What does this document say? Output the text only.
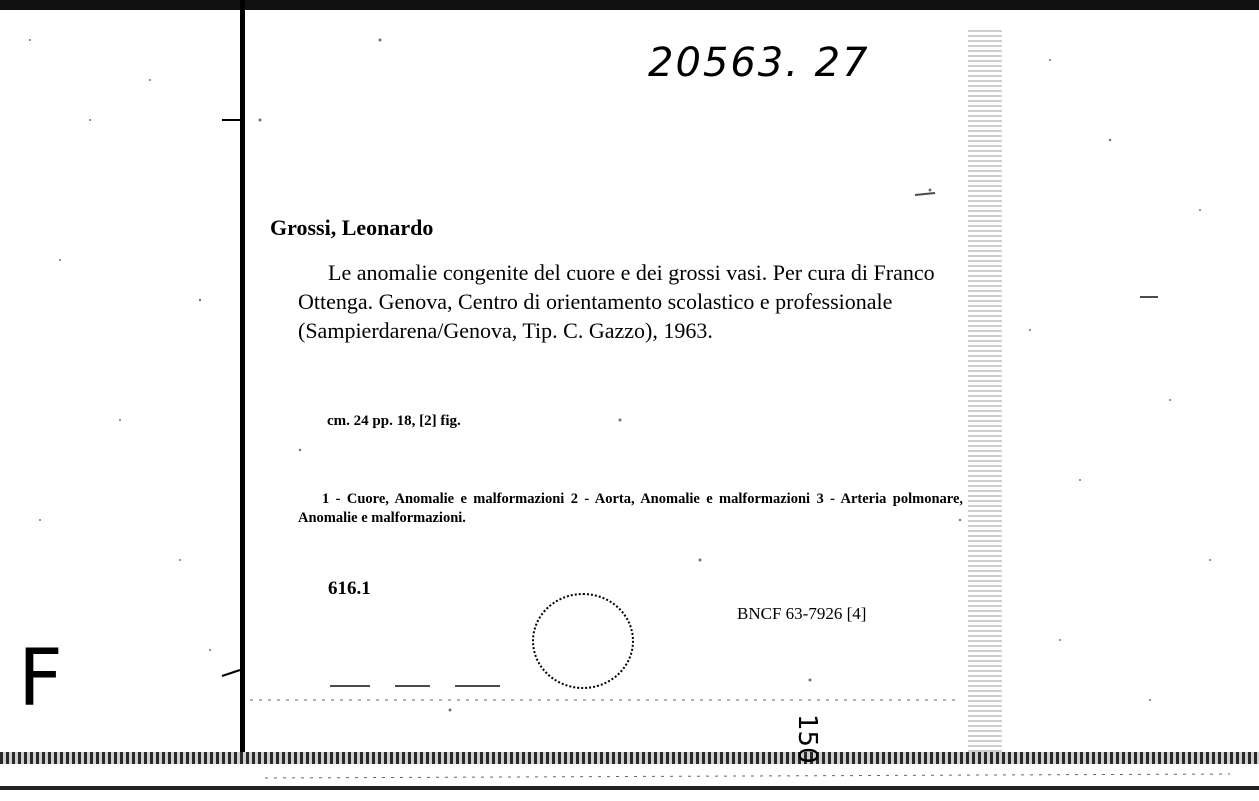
20563. 27
Grossi, Leonardo
Le anomalie congenite del cuore e dei grossi vasi. Per cura di Franco Ottenga. Genova, Centro di orientamento scolastico e professionale (Sampierdarena/Genova, Tip. C. Gazzo), 1963.
cm. 24 pp. 18, [2] fig.
1 - Cuore, Anomalie e malformazioni 2 - Aorta, Anomalie e malformazioni 3 - Arteria polmonare, Anomalie e malformazioni.
616.1
BNCF 63-7926 [4]
F
150
